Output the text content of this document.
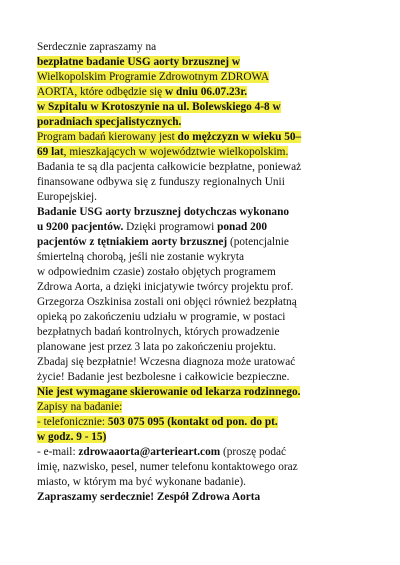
Serdecznie zapraszamy na
bezpłatne badanie USG aorty brzusznej w
Wielkopolskim Programie Zdrowotnym ZDROWA
AORTA, które odbędzie się w dniu 06.07.23r.
w Szpitalu w Krotoszynie na ul. Bolewskiego 4-8 w
poradniach specjalistycznych.
Program badań kierowany jest do mężczyzn w wieku 50–
69 lat, mieszkających w województwie wielkopolskim.
Badania te są dla pacjenta całkowicie bezpłatne, ponieważ
finansowane odbywa się z funduszy regionalnych Unii
Europejskiej.
Badanie USG aorty brzusznej dotychczas wykonano
u 9200 pacjentów. Dzięki programowi ponad 200
pacjentów z tętniakiem aorty brzusznej (potencjalnie
śmiertelną chorobą, jeśli nie zostanie wykryta
w odpowiednim czasie) zostało objętych programem
Zdrowa Aorta, a dzięki inicjatywie twórcy projektu prof.
Grzegorza Oszkinisa zostali oni objęci również bezpłatną
opieką po zakończeniu udziału w programie, w postaci
bezpłatnych badań kontrolnych, których prowadzenie
planowane jest przez 3 lata po zakończeniu projektu.
Zbadaj się bezpłatnie! Wczesna diagnoza może uratować
życie! Badanie jest bezbolesne i całkowicie bezpieczne.
Nie jest wymagane skierowanie od lekarza rodzinnego.
Zapisy na badanie:
- telefonicznie: 503 075 095 (kontakt od pon. do pt.
w godz. 9 - 15)
- e-mail: zdrowaaorta@arterieart.com (proszę podać
imię, nazwisko, pesel, numer telefonu kontaktowego oraz
miasto, w którym ma być wykonane badanie).
Zapraszamy serdecznie! Zespół Zdrowa Aorta
